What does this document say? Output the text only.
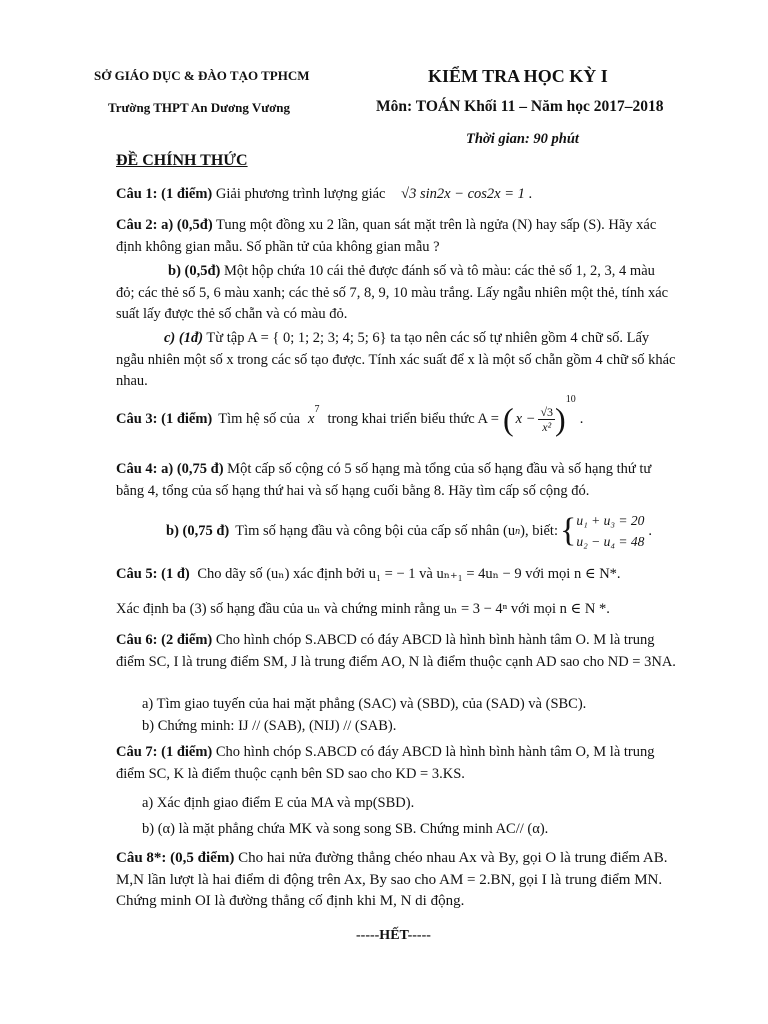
SỞ GIÁO DỤC & ĐÀO TẠO TPHCM
Trường THPT An Dương Vương
KIỂM TRA HỌC KỲ I
Môn: TOÁN Khối 11 – Năm học 2017–2018
Thời gian: 90 phút
ĐỀ CHÍNH THỨC
Câu 1: (1 điểm) Giải phương trình lượng giác √3 sin2x − cos2x = 1 .
Câu 2: a) (0,5đ) Tung một đồng xu 2 lần, quan sát mặt trên là ngửa (N) hay sấp (S). Hãy xác định không gian mẫu. Số phần tử của không gian mẫu ?
b) (0,5đ) Một hộp chứa 10 cái thẻ được đánh số và tô màu: các thẻ số 1, 2, 3, 4 màu đỏ; các thẻ số 5, 6 màu xanh; các thẻ số 7, 8, 9, 10 màu trắng. Lấy ngẫu nhiên một thẻ, tính xác suất lấy được thẻ số chẵn và có màu đỏ.
c) (1đ) Từ tập A = { 0; 1; 2; 3; 4; 5; 6} ta tạo nên các số tự nhiên gồm 4 chữ số. Lấy ngẫu nhiên một số x trong các số tạo được. Tính xác suất để x là một số chẵn gồm 4 chữ số khác nhau.
Câu 3: (1 điểm) Tìm hệ số của x
7
trong khai triển biểu thức A = ( $x - \frac{√3}{\text{x²}}$ )
10
.
Câu 4: a) (0,75 đ) Một cấp số cộng có 5 số hạng mà tổng của số hạng đầu và số hạng thứ tư bằng 4, tổng của số hạng thứ hai và số hạng cuối bằng 8. Hãy tìm cấp số cộng đó.
b) (0,75 đ) Tìm số hạng đầu và công bội của cấp số nhân (u n ) , biết: { u₁ + u₃ = 20
u₂ − u₄ = 48
.
Câu 5: (1 đ) Cho dãy số (uₙ) xác định bởi u₁ = − 1 và uₙ₊₁ = 4uₙ − 9 với mọi n ∈ N*.
Xác định ba (3) số hạng đầu của uₙ và chứng minh rằng uₙ = 3 − 4ⁿ với mọi n ∈ N *.
Câu 6: (2 điểm) Cho hình chóp S.ABCD có đáy ABCD là hình bình hành tâm O. M là trung điểm SC, I là trung điểm SM, J là trung điểm AO, N là điểm thuộc cạnh AD sao cho ND = 3NA.
a) Tìm giao tuyến của hai mặt phẳng (SAC) và (SBD), của (SAD) và (SBC).
b) Chứng minh: IJ // (SAB), (NIJ) // (SAB).
Câu 7: (1 điểm) Cho hình chóp S.ABCD có đáy ABCD là hình bình hành tâm O, M là trung điểm SC, K là điểm thuộc cạnh bên SD sao cho KD = 3.KS.
a) Xác định giao điểm E của MA và mp(SBD).
b) (α) là mặt phẳng chứa MK và song song SB. Chứng minh AC// (α).
Câu 8*: (0,5 điểm) Cho hai nửa đường thẳng chéo nhau Ax và By, gọi O là trung điểm AB. M,N lần lượt là hai điểm di động trên Ax, By sao cho AM = 2.BN, gọi I là trung điểm MN. Chứng minh OI là đường thẳng cố định khi M, N di động.
-----HẾT-----
